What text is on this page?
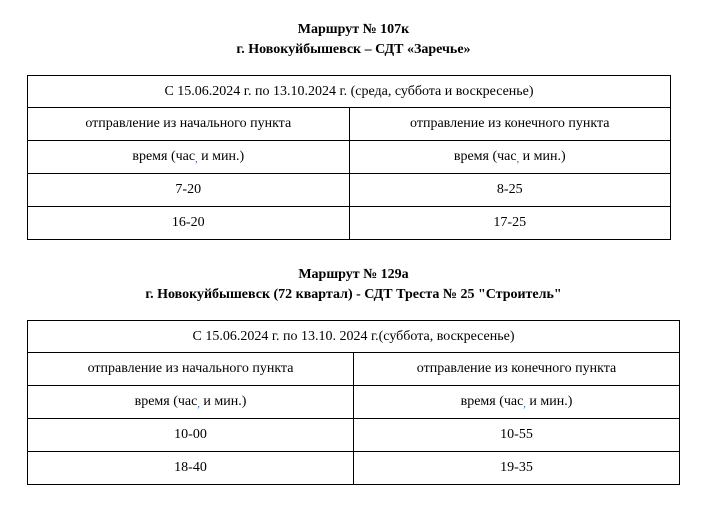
Маршрут № 107к
г. Новокуйбышевск – СДТ «Заречье»
С 15.06.2024 г. по 13.10.2024 г. (среда, суббота и воскресенье)	
отправление из начального пункта	отправление из конечного пункта
время (час, и мин.)	время (час, и мин.)
7-20	8-25
16-20	17-25
Маршрут № 129а
г. Новокуйбышевск (72 квартал) - СДТ Треста № 25 "Строитель"
С 15.06.2024 г. по 13.10. 2024 г.(суббота, воскресенье)	
отправление из начального пункта	отправление из конечного пункта
время (час, и мин.)	время (час, и мин.)
10-00	10-55
18-40	19-35
